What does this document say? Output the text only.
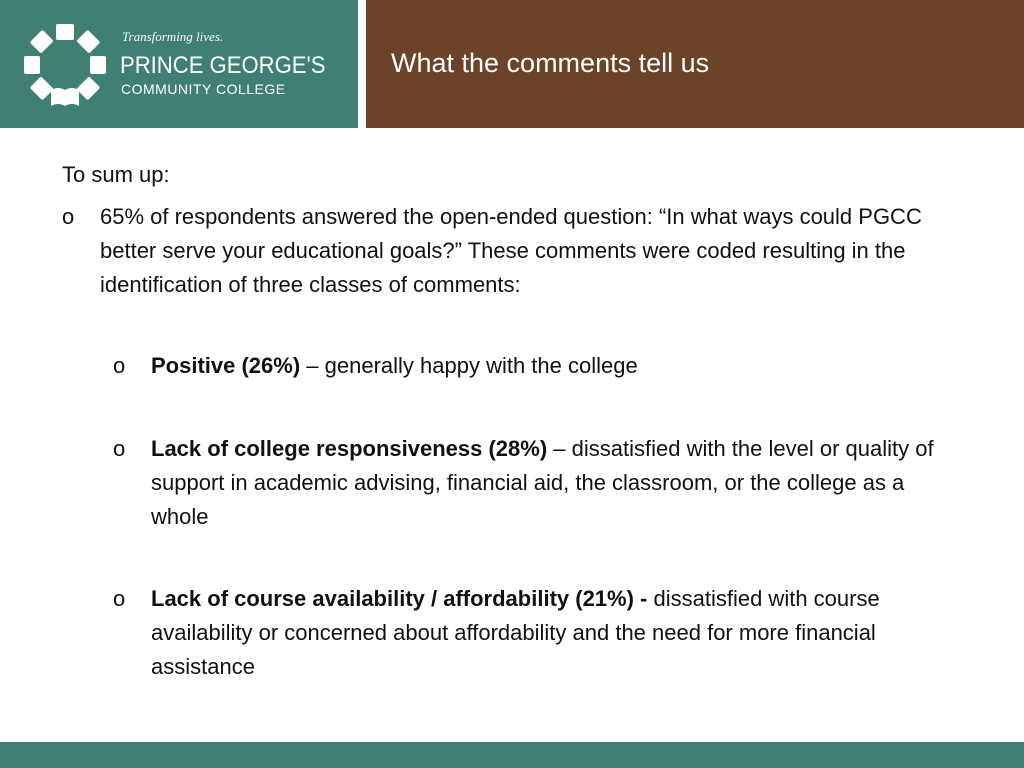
Transforming lives.
PRINCE GEORGE'S
COMMUNITY COLLEGE
What the comments tell us
To sum up:
o 65% of respondents answered the open-ended question: “In what ways could PGCC better serve your educational goals?” These comments were coded resulting in the identification of three classes of comments:
o Positive (26%) – generally happy with the college
o Lack of college responsiveness (28%) – dissatisfied with the level or quality of support in academic advising, financial aid, the classroom, or the college as a whole
o Lack of course availability / affordability (21%) - dissatisfied with course availability or concerned about affordability and the need for more financial assistance
